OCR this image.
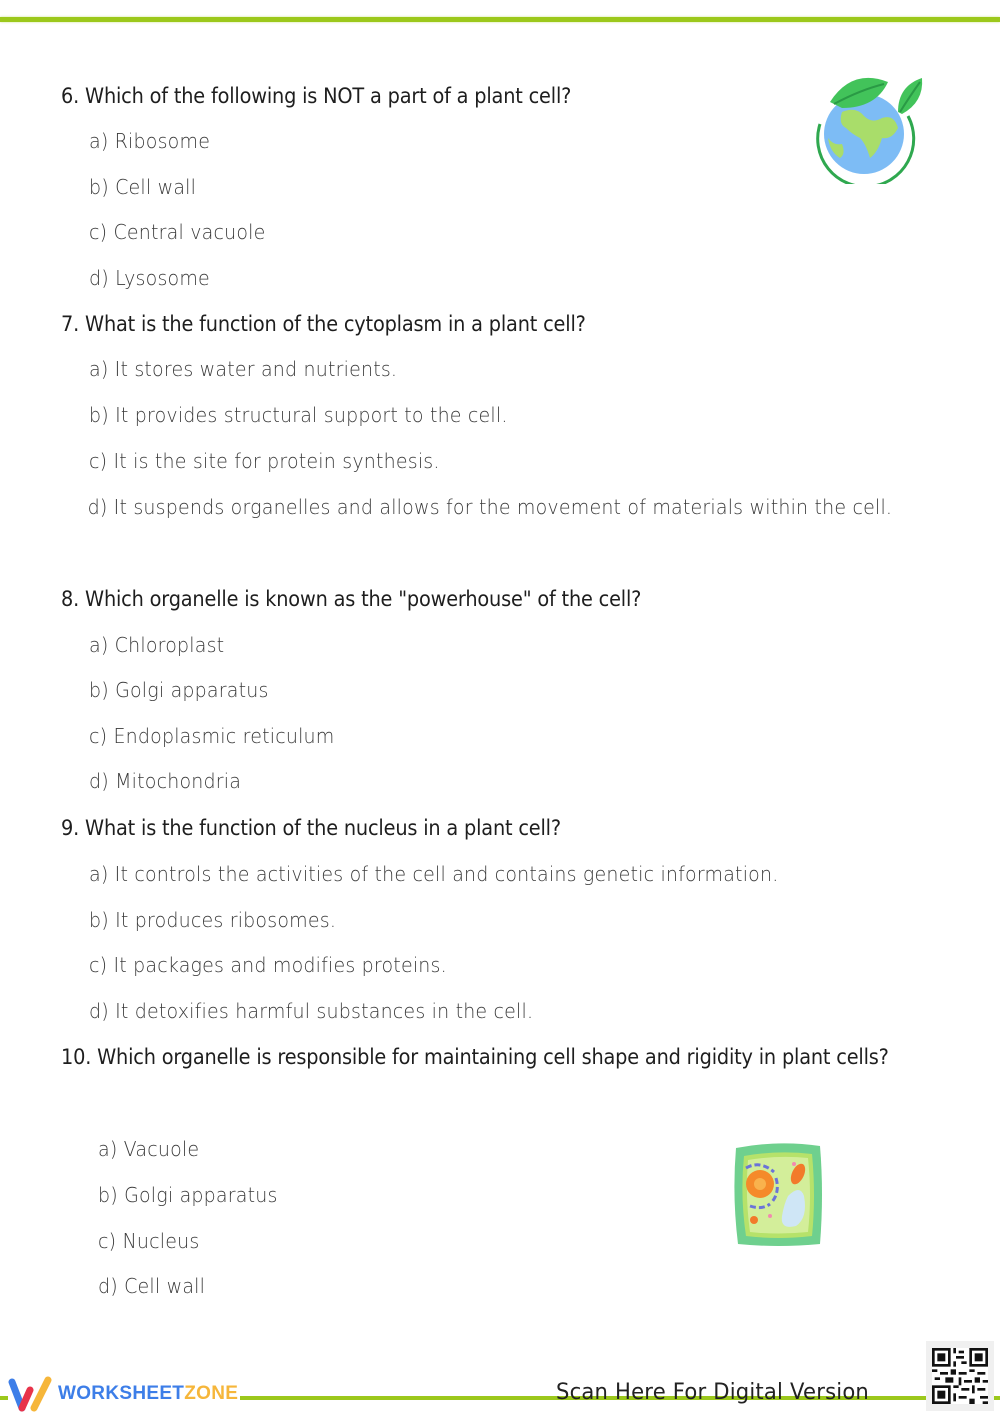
6. Which of the following is NOT a part of a plant cell?
a) Ribosome
b) Cell wall
c) Central vacuole
d) Lysosome
7. What is the function of the cytoplasm in a plant cell?
a) It stores water and nutrients.
b) It provides structural support to the cell.
c) It is the site for protein synthesis.
d) It suspends organelles and allows for the movement of materials within the cell.
8. Which organelle is known as the "powerhouse" of the cell?
a) Chloroplast
b) Golgi apparatus
c) Endoplasmic reticulum
d) Mitochondria
9. What is the function of the nucleus in a plant cell?
a) It controls the activities of the cell and contains genetic information.
b) It produces ribosomes.
c) It packages and modifies proteins.
d) It detoxifies harmful substances in the cell.
10. Which organelle is responsible for maintaining cell shape and rigidity in plant cells?
a) Vacuole
b) Golgi apparatus
c) Nucleus
d) Cell wall
WORKSHEETZONE	Scan Here For Digital Version
